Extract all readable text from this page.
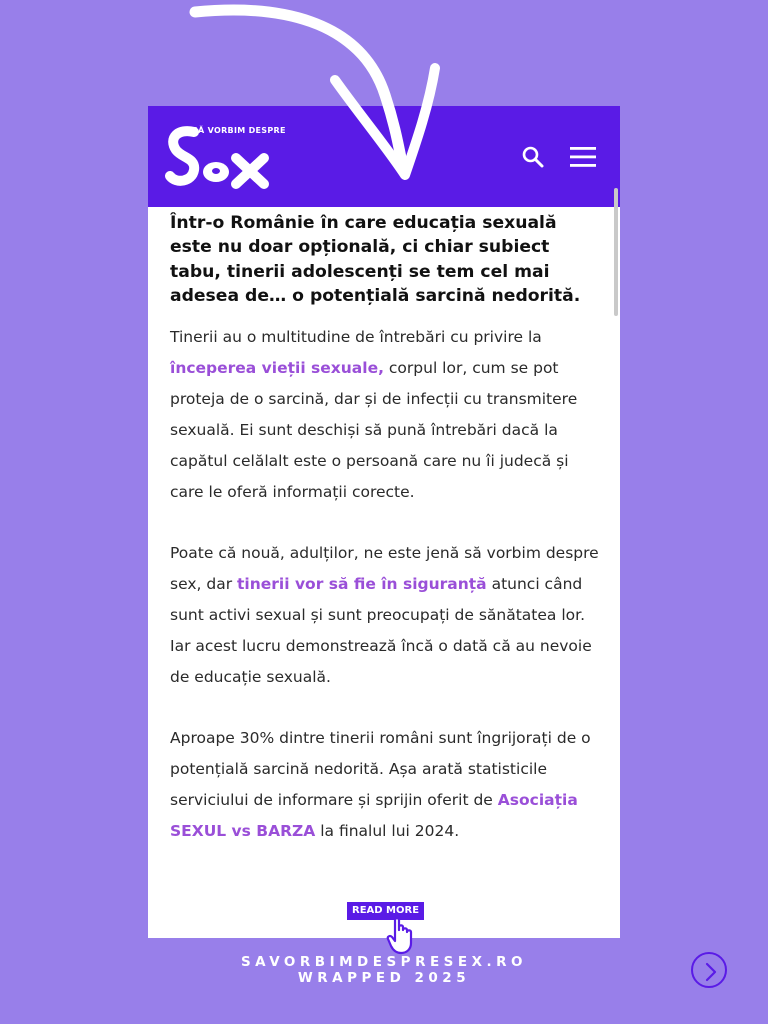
SĂ VORBIM DESPRE
Într-o Românie în care educația sexuală este nu doar opțională, ci chiar subiect tabu, tinerii adolescenți se tem cel mai adesea de… o potențială sarcină nedorită.

Tinerii au o multitudine de întrebări cu privire la începerea vieții sexuale, corpul lor, cum se pot proteja de o sarcină, dar și de infecții cu transmitere sexuală. Ei sunt deschiși să pună întrebări dacă la capătul celălalt este o persoană care nu îi judecă și care le oferă informații corecte.

Poate că nouă, adulților, ne este jenă să vorbim despre sex, dar tinerii vor să fie în siguranță atunci când sunt activi sexual și sunt preocupați de sănătatea lor. Iar acest lucru demonstrează încă o dată că au nevoie de educație sexuală.

Aproape 30% dintre tinerii români sunt îngrijorați de o potențială sarcină nedorită. Așa arată statisticile serviciului de informare și sprijin oferit de Asociația SEXUL vs BARZA la finalul lui 2024.

READ MORE
SAVORBIMDESPRESEX.RO
WRAPPED 2025
